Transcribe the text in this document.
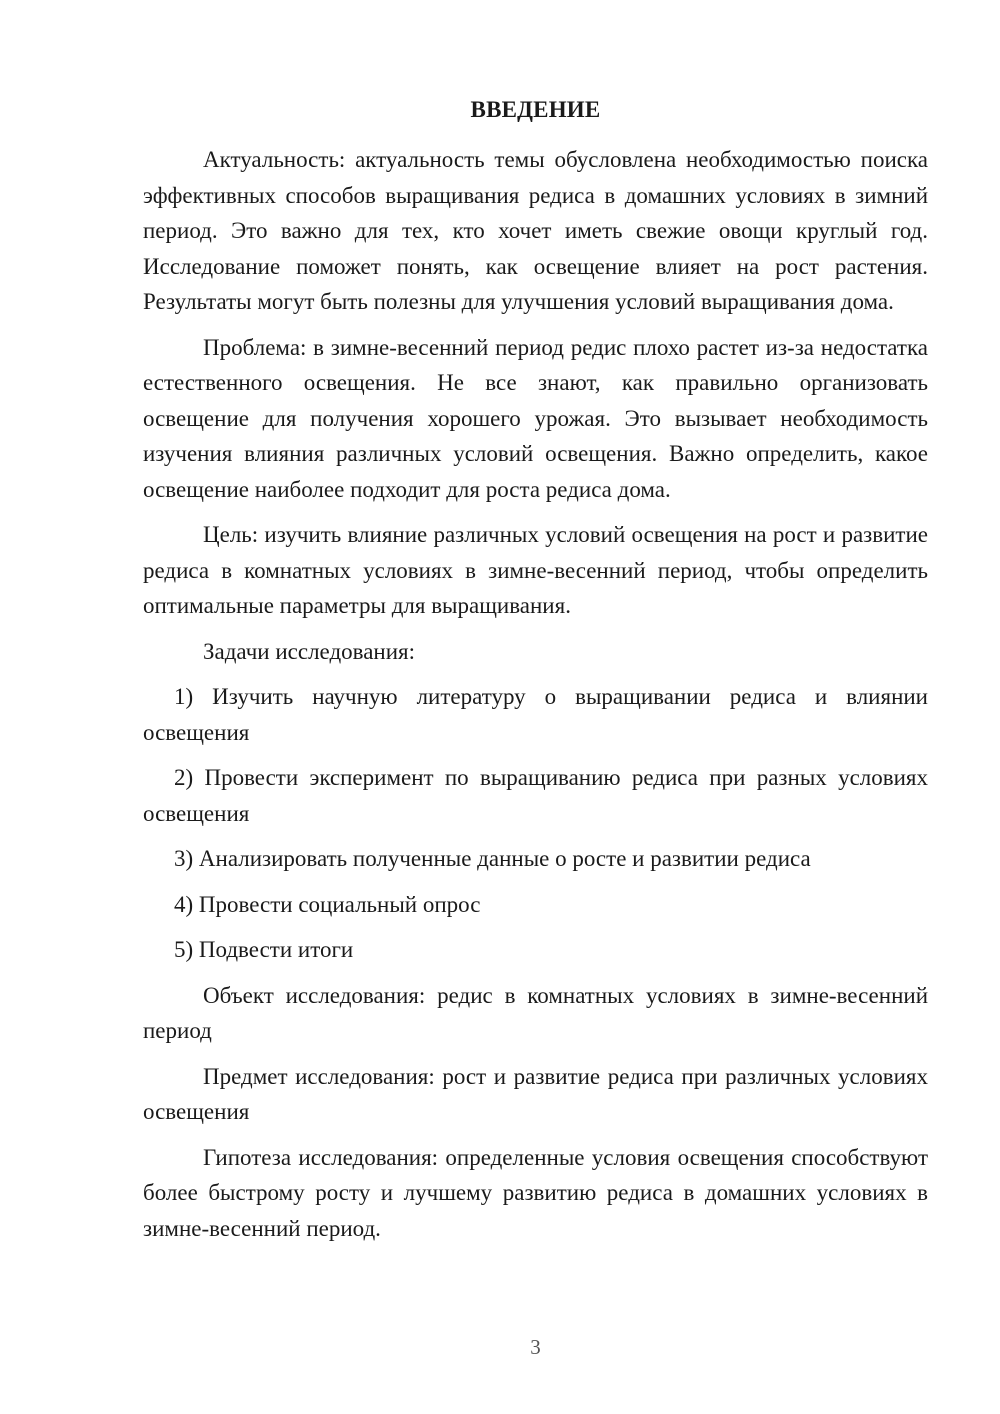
ВВЕДЕНИЕ

Актуальность: актуальность темы обусловлена необходимостью поиска эффективных способов выращивания редиса в домашних условиях в зимний период. Это важно для тех, кто хочет иметь свежие овощи круглый год. Исследование поможет понять, как освещение влияет на рост растения. Результаты могут быть полезны для улучшения условий выращивания дома.

Проблема: в зимне-весенний период редис плохо растет из-за недостатка естественного освещения. Не все знают, как правильно организовать освещение для получения хорошего урожая. Это вызывает необходимость изучения влияния различных условий освещения. Важно определить, какое освещение наиболее подходит для роста редиса дома.

Цель: изучить влияние различных условий освещения на рост и развитие редиса в комнатных условиях в зимне-весенний период, чтобы определить оптимальные параметры для выращивания.

Задачи исследования:

1) Изучить научную литературу о выращивании редиса и влиянии освещения

2) Провести эксперимент по выращиванию редиса при разных условиях освещения

3) Анализировать полученные данные о росте и развитии редиса

4) Провести социальный опрос

5) Подвести итоги

Объект исследования: редис в комнатных условиях в зимне-весенний период

Предмет исследования: рост и развитие редиса при различных условиях освещения

Гипотеза исследования: определенные условия освещения способствуют более быстрому росту и лучшему развитию редиса в домашних условиях в зимне-весенний период.

3
